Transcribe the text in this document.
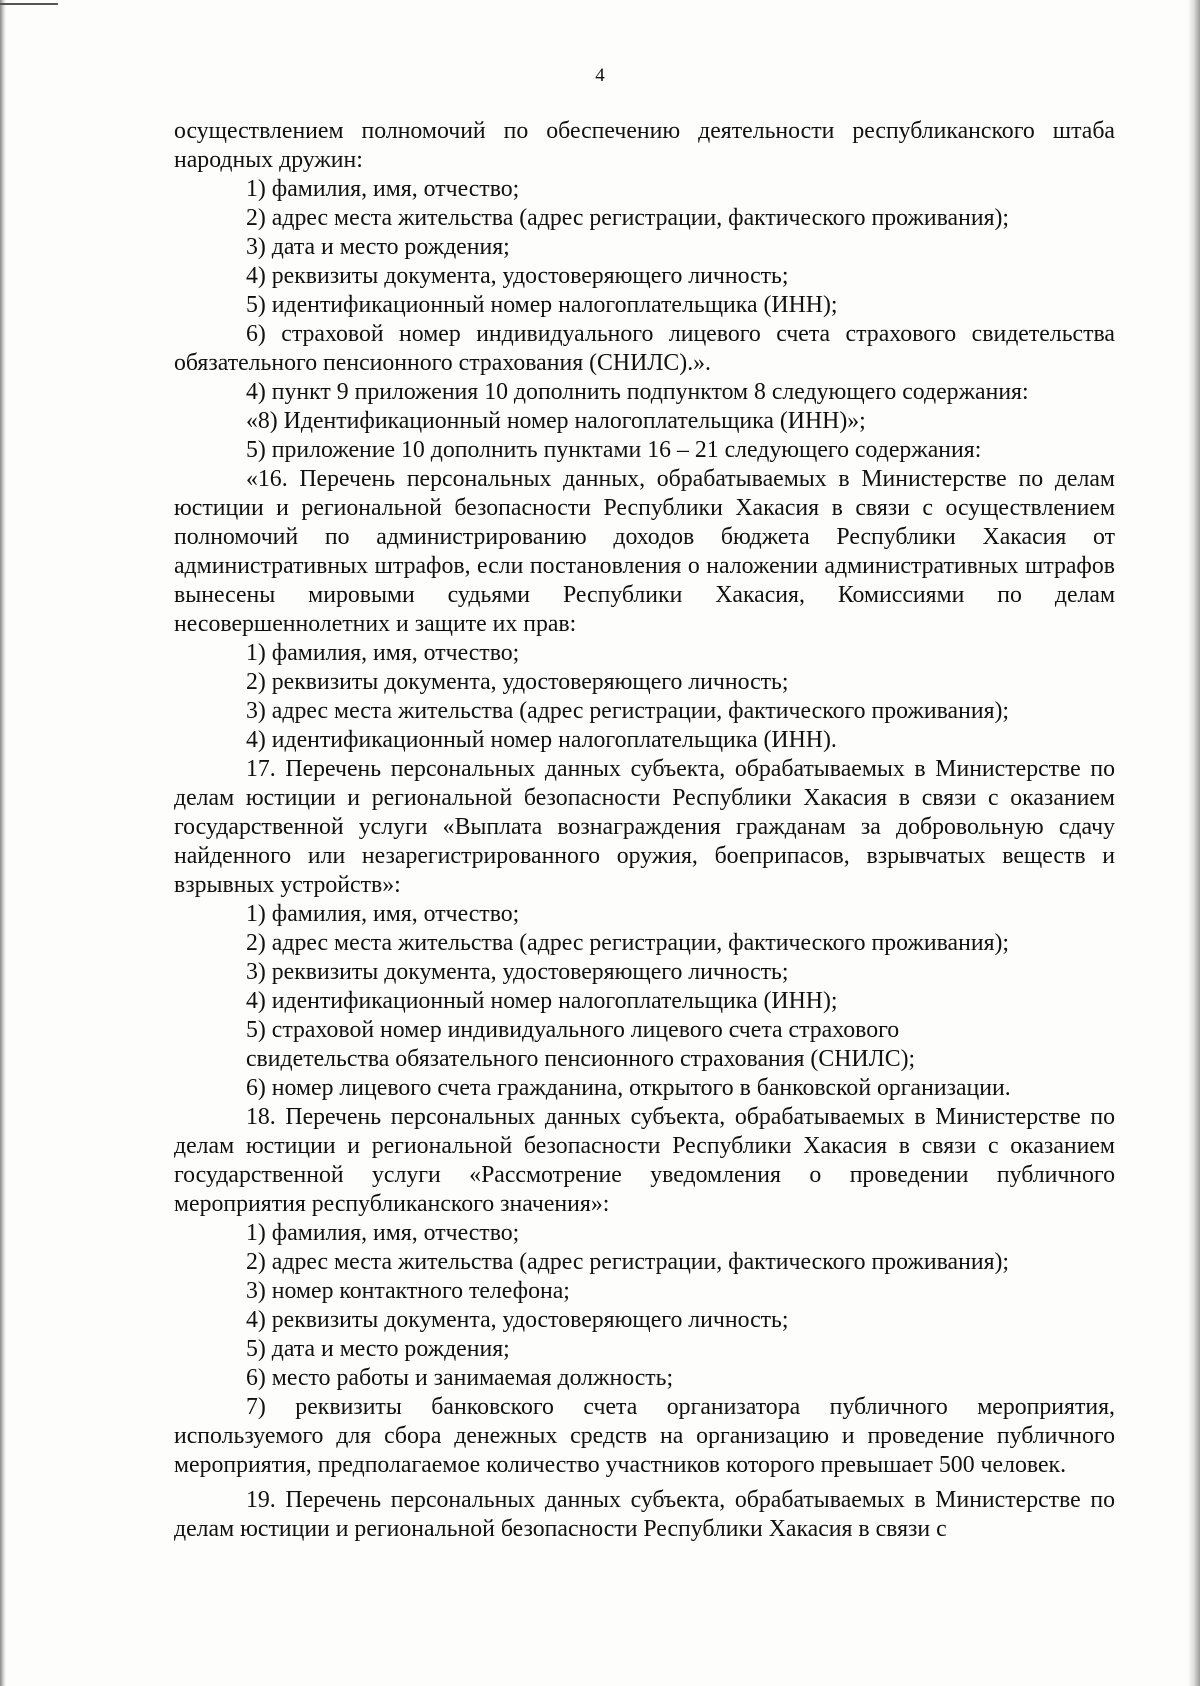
4

осуществлением полномочий по обеспечению деятельности республиканского штаба народных дружин:

1) фамилия, имя, отчество;

2) адрес места жительства (адрес регистрации, фактического проживания);

3) дата и место рождения;

4) реквизиты документа, удостоверяющего личность;

5) идентификационный номер налогоплательщика (ИНН);

6) страховой номер индивидуального лицевого счета страхового свидетельства обязательного пенсионного страхования (СНИЛС).».

4) пункт 9 приложения 10 дополнить подпунктом 8 следующего содержания:

«8) Идентификационный номер налогоплательщика (ИНН)»;

5) приложение 10 дополнить пунктами 16 – 21 следующего содержания:

«16. Перечень персональных данных, обрабатываемых в Министерстве по делам юстиции и региональной безопасности Республики Хакасия в связи с осуществлением полномочий по администрированию доходов бюджета Республики Хакасия от административных штрафов, если постановления о наложении административных штрафов вынесены мировыми судьями Республики Хакасия, Комиссиями по делам несовершеннолетних и защите их прав:

1) фамилия, имя, отчество;

2) реквизиты документа, удостоверяющего личность;

3) адрес места жительства (адрес регистрации, фактического проживания);

4) идентификационный номер налогоплательщика (ИНН).

17. Перечень персональных данных субъекта, обрабатываемых в Министерстве по делам юстиции и региональной безопасности Республики Хакасия в связи с оказанием государственной услуги «Выплата вознаграждения гражданам за добровольную сдачу найденного или незарегистрированного оружия, боеприпасов, взрывчатых веществ и взрывных устройств»:

1) фамилия, имя, отчество;

2) адрес места жительства (адрес регистрации, фактического проживания);

3) реквизиты документа, удостоверяющего личность;

4) идентификационный номер налогоплательщика (ИНН);

5) страховой номер индивидуального лицевого счета страхового

свидетельства обязательного пенсионного страхования (СНИЛС);

6) номер лицевого счета гражданина, открытого в банковской организации.

18. Перечень персональных данных субъекта, обрабатываемых в Министерстве по делам юстиции и региональной безопасности Республики Хакасия в связи с оказанием государственной услуги «Рассмотрение уведомления о проведении публичного мероприятия республиканского значения»:

1) фамилия, имя, отчество;

2) адрес места жительства (адрес регистрации, фактического проживания);

3) номер контактного телефона;

4) реквизиты документа, удостоверяющего личность;

5) дата и место рождения;

6) место работы и занимаемая должность;

7) реквизиты банковского счета организатора публичного мероприятия, используемого для сбора денежных средств на организацию и проведение публичного мероприятия, предполагаемое количество участников которого превышает 500 человек.

19. Перечень персональных данных субъекта, обрабатываемых в Министерстве по делам юстиции и региональной безопасности Республики Хакасия в связи с
